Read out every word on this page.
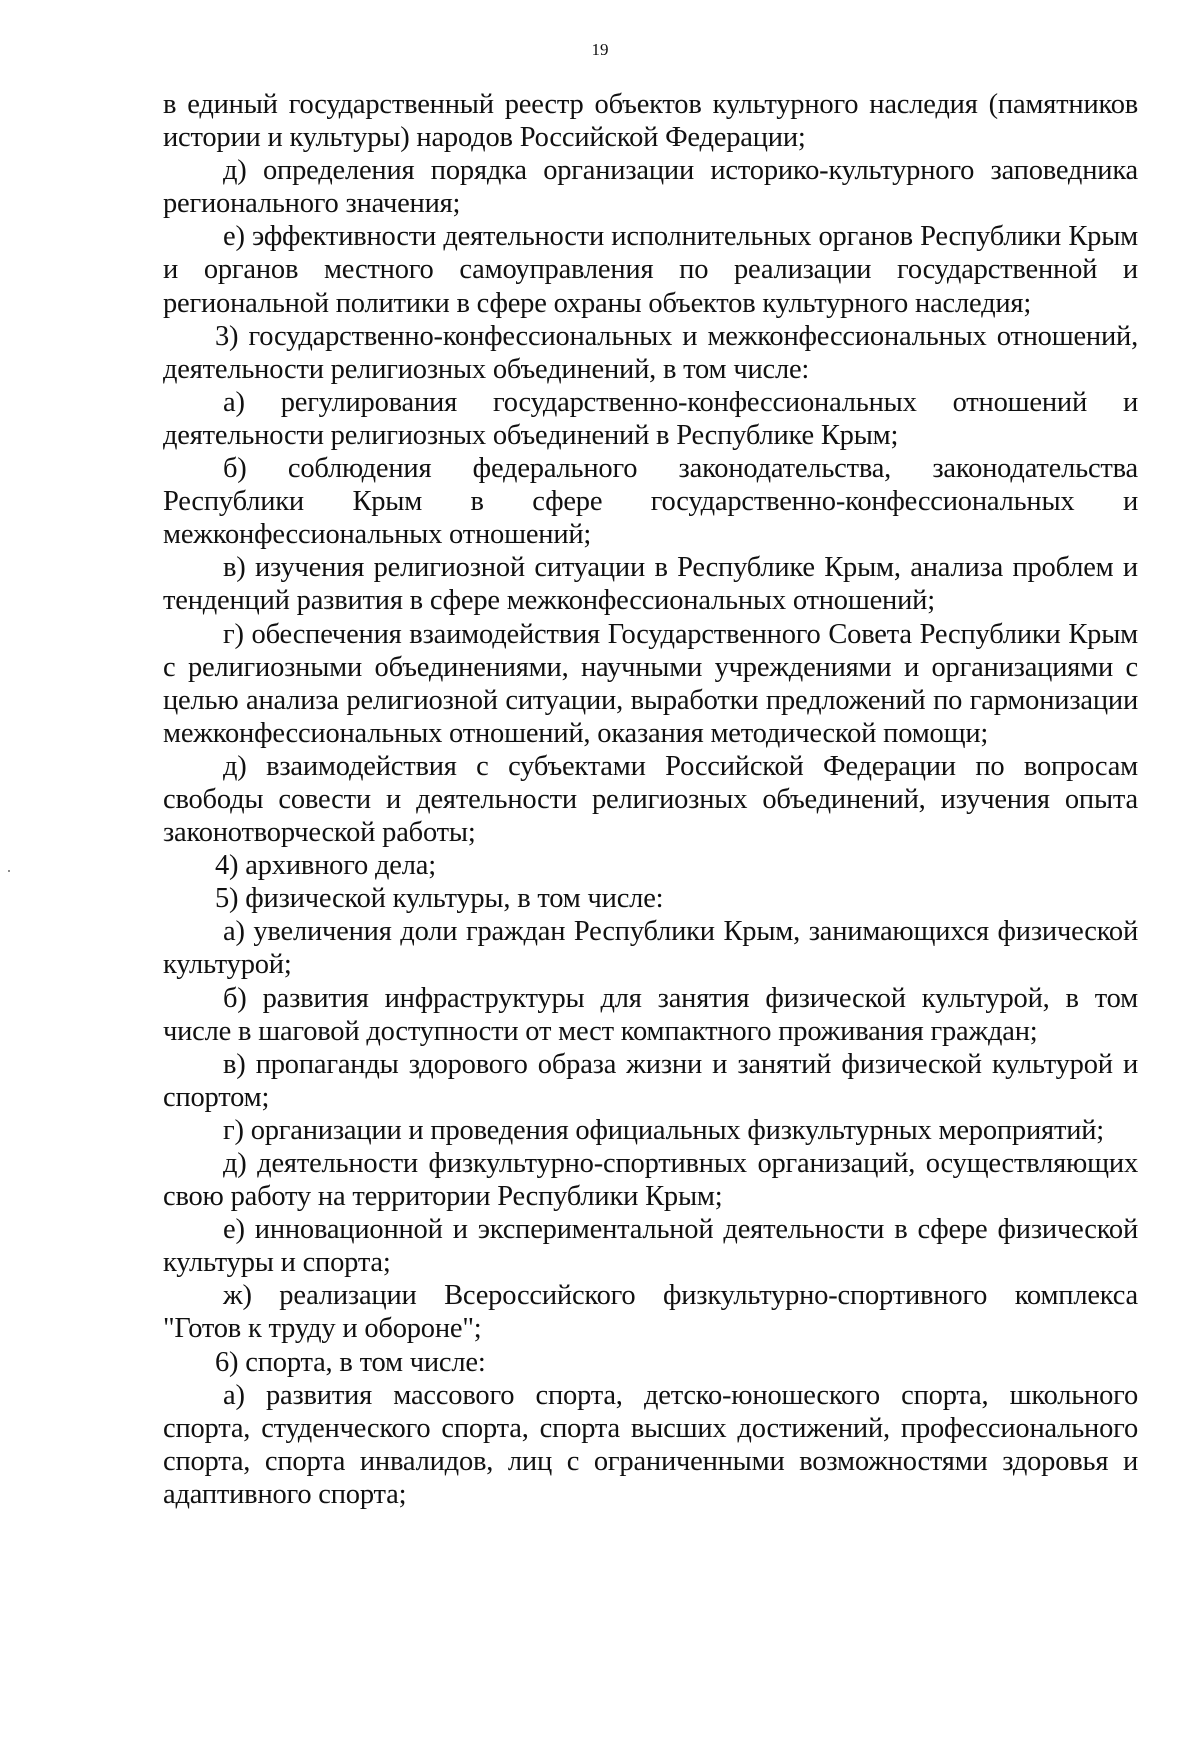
19

в единый государственный реестр объектов культурного наследия (памятников истории и культуры) народов Российской Федерации;

д) определения порядка организации историко-культурного заповедника регионального значения;

е) эффективности деятельности исполнительных органов Республики Крым и органов местного самоуправления по реализации государственной и региональной политики в сфере охраны объектов культурного наследия;

3) государственно-конфессиональных и межконфессиональных отношений, деятельности религиозных объединений, в том числе:

а) регулирования государственно-конфессиональных отношений и деятельности религиозных объединений в Республике Крым;

б) соблюдения федерального законодательства, законодательства Республики Крым в сфере государственно-конфессиональных и межконфессиональных отношений;

в) изучения религиозной ситуации в Республике Крым, анализа проблем и тенденций развития в сфере межконфессиональных отношений;

г) обеспечения взаимодействия Государственного Совета Республики Крым с религиозными объединениями, научными учреждениями и организациями с целью анализа религиозной ситуации, выработки предложений по гармонизации межконфессиональных отношений, оказания методической помощи;

д) взаимодействия с субъектами Российской Федерации по вопросам свободы совести и деятельности религиозных объединений, изучения опыта законотворческой работы;

4) архивного дела;

5) физической культуры, в том числе:

а) увеличения доли граждан Республики Крым, занимающихся физической культурой;

б) развития инфраструктуры для занятия физической культурой, в том числе в шаговой доступности от мест компактного проживания граждан;

в) пропаганды здорового образа жизни и занятий физической культурой и спортом;

г) организации и проведения официальных физкультурных мероприятий;

д) деятельности физкультурно-спортивных организаций, осуществляющих свою работу на территории Республики Крым;

е) инновационной и экспериментальной деятельности в сфере физической культуры и спорта;

ж) реализации Всероссийского физкультурно-спортивного комплекса "Готов к труду и обороне";

6) спорта, в том числе:

а) развития массового спорта, детско-юношеского спорта, школьного спорта, студенческого спорта, спорта высших достижений, профессионального спорта, спорта инвалидов, лиц с ограниченными возможностями здоровья и адаптивного спорта;
